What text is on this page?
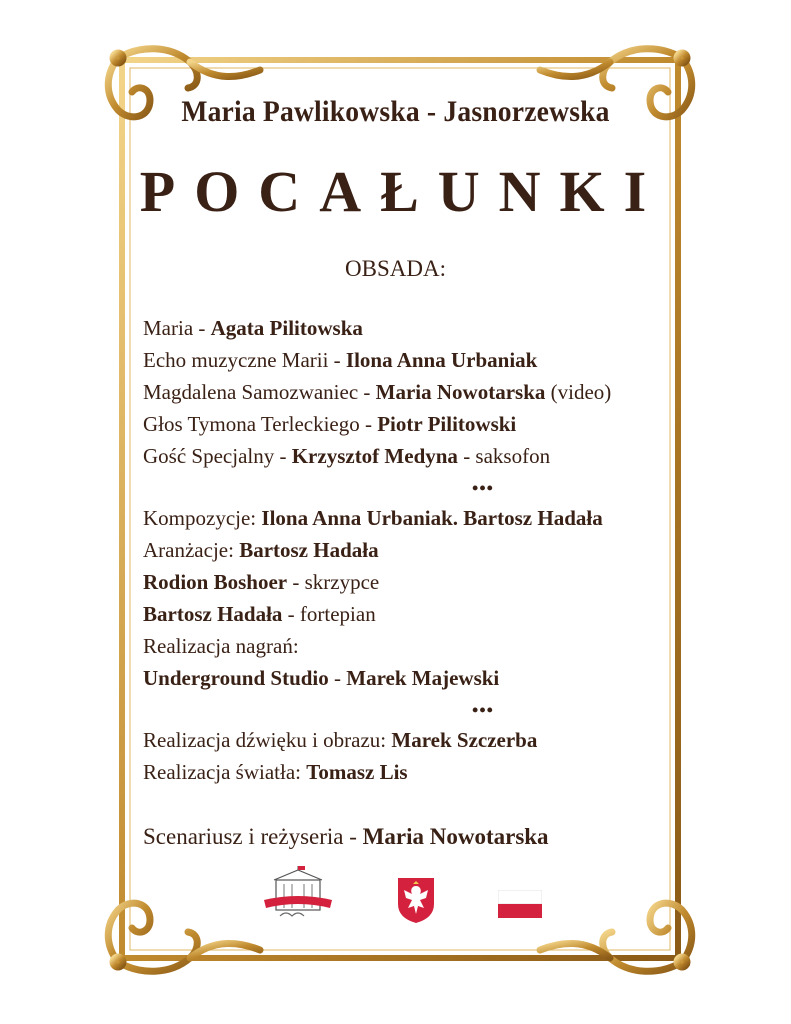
Maria Pawlikowska - Jasnorzewska
POCAŁUNKI
OBSADA:
Maria - Agata Pilitowska
Echo muzyczne Marii - Ilona Anna Urbaniak
Magdalena Samozwaniec - Maria Nowotarska (video)
Głos Tymona Terleckiego - Piotr Pilitowski
Gość Specjalny - Krzysztof Medyna - saksofon
•••
Kompozycje: Ilona Anna Urbaniak. Bartosz Hadała
Aranżacje: Bartosz Hadała
Rodion Boshoer - skrzypce
Bartosz Hadała - fortepian
Realizacja nagrań:
Underground Studio - Marek Majewski
•••
Realizacja dźwięku i obrazu: Marek Szczerba
Realizacja światła: Tomasz Lis
Scenariusz i reżyseria - Maria Nowotarska
